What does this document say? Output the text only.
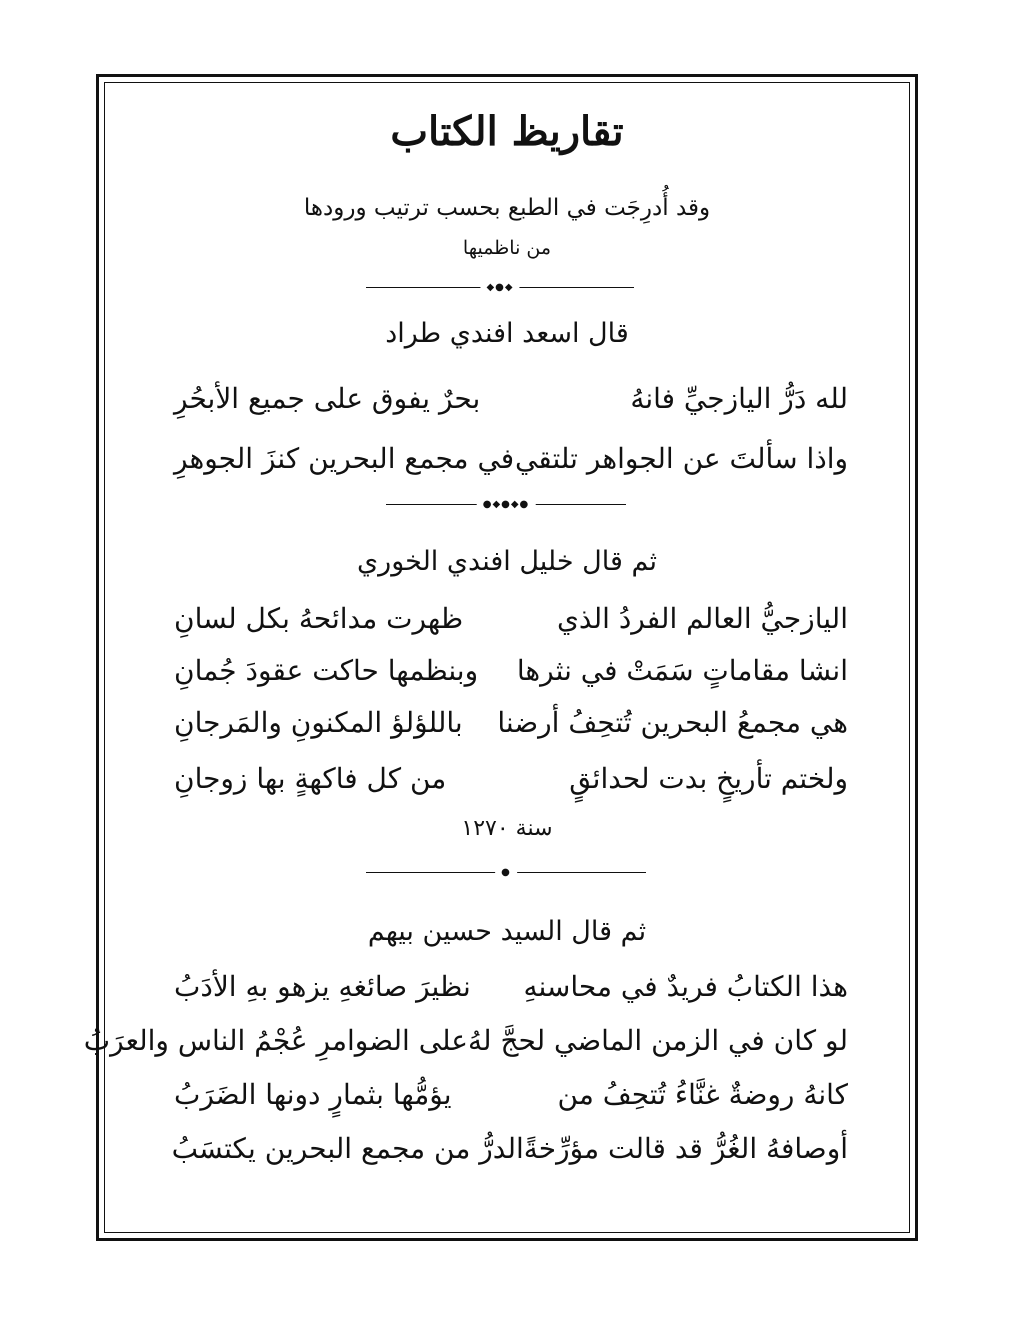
تقاريظ الكتاب
وقد أُدرِجَت في الطبع بحسب ترتيب ورودها
من ناظميها
◆●◆
قال اسعد افندي طراد
لله دَرُّ اليازجيِّ فانهُ
بحرٌ يفوق على جميع الأبحُرِ
واذا سألتَ عن الجواهر تلتقي
في مجمع البحرين كنزَ الجوهرِ
●◆●◆●
ثم قال خليل افندي الخوري
اليازجيُّ العالم الفردُ الذي
ظهرت مدائحهُ بكل لسانِ
انشا مقاماتٍ سَمَتْ في نثرها
وبنظمها حاكت عقودَ جُمانِ
هي مجمعُ البحرين تُتحِفُ أرضنا
باللؤلؤ المكنونِ والمَرجانِ
ولختم تأريخٍ بدت لحدائقٍ
من كل فاكهةٍ بها زوجانِ
سنة ١٢٧٠
●
ثم قال السيد حسين بيهم
هذا الكتابُ فريدٌ في محاسنهِ
نظيرَ صائغهِ يزهو بهِ الأدَبُ
لو كان في الزمن الماضي لحجَّ لهُ
على الضوامرِ عُجْمُ الناس والعرَبُ
كانهُ روضةٌ غنَّاءُ تُتحِفُ من
يؤمُّها بثمارٍ دونها الضَرَبُ
أوصافهُ الغُرُّ قد قالت مؤرِّخةً
الدرُّ من مجمع البحرين يكتسَبُ
